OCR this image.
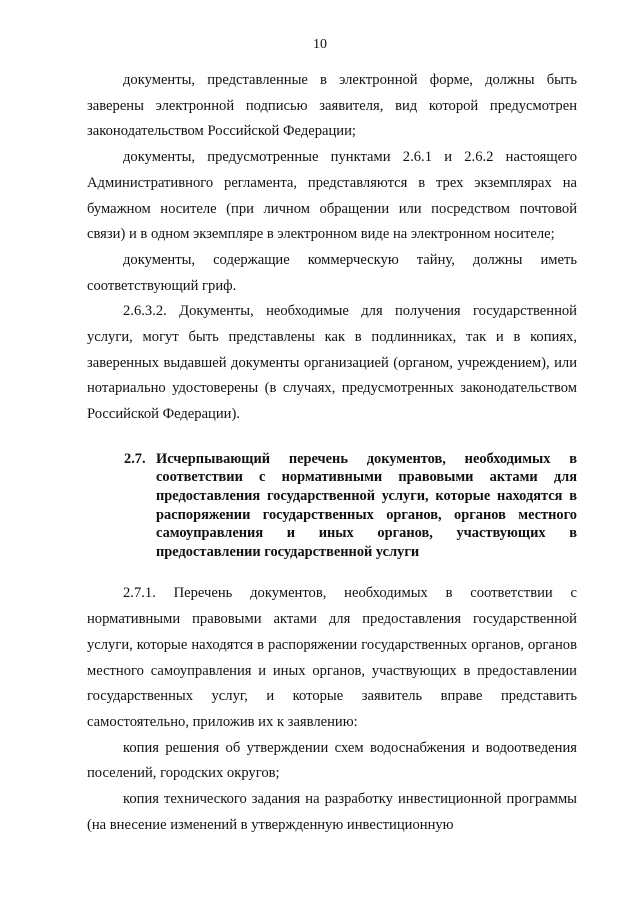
10

документы, представленные в электронной форме, должны быть заверены электронной подписью заявителя, вид которой предусмотрен законодательством Российской Федерации;

документы, предусмотренные пунктами 2.6.1 и 2.6.2 настоящего Административного регламента, представляются в трех экземплярах на бумажном носителе (при личном обращении или посредством почтовой связи) и в одном экземпляре в электронном виде на электронном носителе;

документы, содержащие коммерческую тайну, должны иметь соответствующий гриф.

2.6.3.2. Документы, необходимые для получения государственной услуги, могут быть представлены как в подлинниках, так и в копиях, заверенных выдавшей документы организацией (органом, учреждением), или нотариально удостоверены (в случаях, предусмотренных законодательством Российской Федерации).

2.7. Исчерпывающий перечень документов, необходимых в соответствии с нормативными правовыми актами для предоставления государственной услуги, которые находятся в распоряжении государственных органов, органов местного самоуправления и иных органов, участвующих в предоставлении государственной услуги

2.7.1. Перечень документов, необходимых в соответствии с нормативными правовыми актами для предоставления государственной услуги, которые находятся в распоряжении государственных органов, органов местного самоуправления и иных органов, участвующих в предоставлении государственных услуг, и которые заявитель вправе представить самостоятельно, приложив их к заявлению:

копия решения об утверждении схем водоснабжения и водоотведения поселений, городских округов;

копия технического задания на разработку инвестиционной программы (на внесение изменений в утвержденную инвестиционную
